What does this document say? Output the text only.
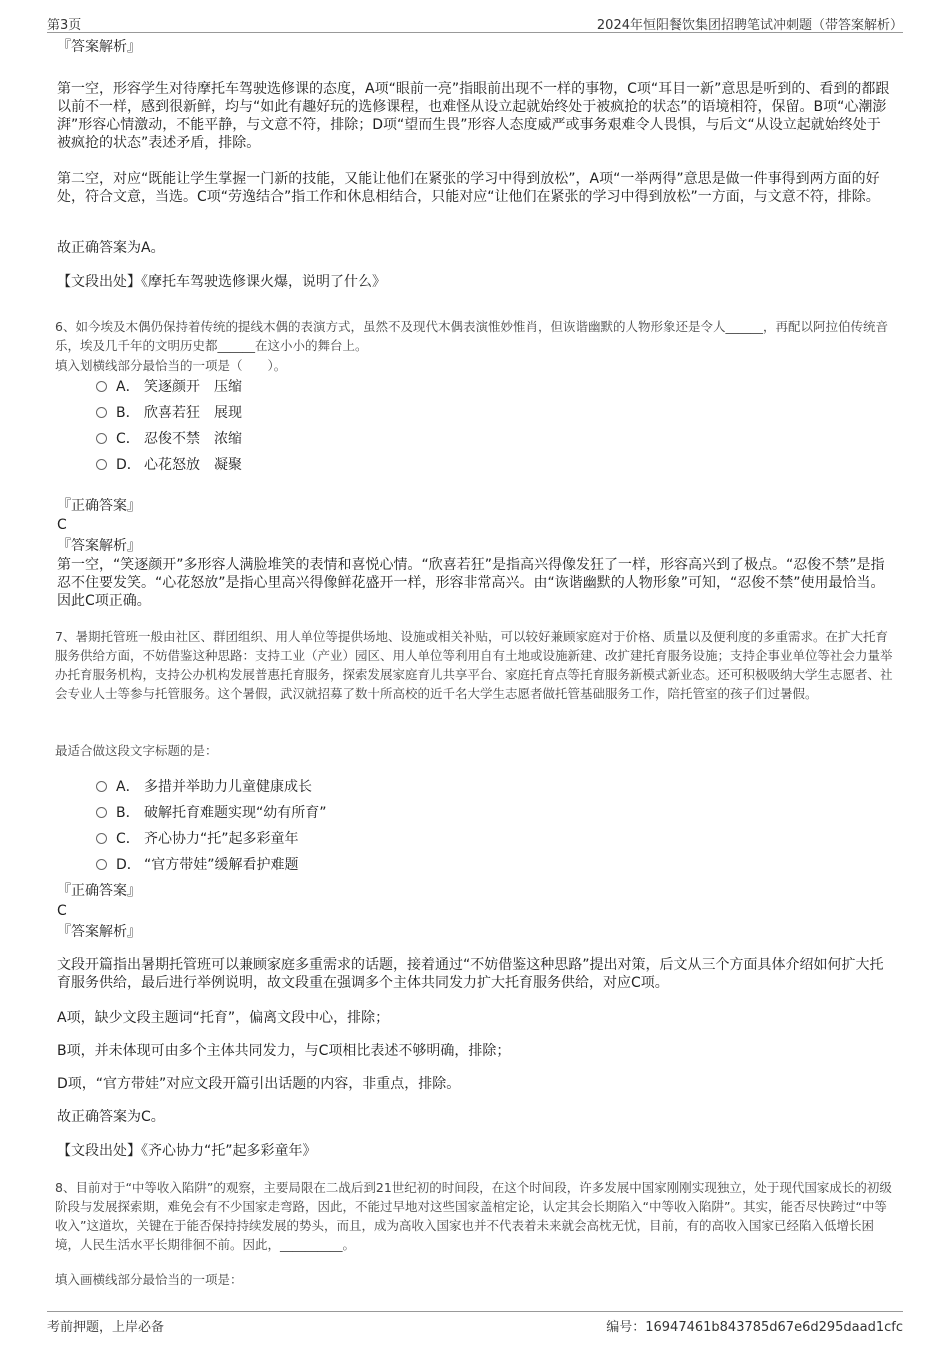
第3页	2024年恒阳餐饮集团招聘笔试冲刺题（带答案解析）

『答案解析』

第一空，形容学生对待摩托车驾驶选修课的态度，A项“眼前一亮”指眼前出现不一样的事物，C项“耳目一新”意思是听到的、看到的都跟以前不一样，感到很新鲜，均与“如此有趣好玩的选修课程，也难怪从设立起就始终处于被疯抢的状态”的语境相符，保留。B项“心潮澎湃”形容心情激动，不能平静，与文意不符，排除；D项“望而生畏”形容人态度威严或事务艰难令人畏惧，与后文“从设立起就始终处于被疯抢的状态”表述矛盾，排除。

第二空，对应“既能让学生掌握一门新的技能，又能让他们在紧张的学习中得到放松”，A项“一举两得”意思是做一件事得到两方面的好处，符合文意，当选。C项“劳逸结合”指工作和休息相结合，只能对应“让他们在紧张的学习中得到放松”一方面，与文意不符，排除。

故正确答案为A。

【文段出处】《摩托车驾驶选修课火爆，说明了什么》

6、如今埃及木偶仍保持着传统的提线木偶的表演方式，虽然不及现代木偶表演惟妙惟肖，但诙谐幽默的人物形象还是令人______，再配以阿拉伯传统音乐，埃及几千年的文明历史都______在这小小的舞台上。

填入划横线部分最恰当的一项是（　　）。

A． 笑逐颜开　压缩
B． 欣喜若狂　展现
C． 忍俊不禁　浓缩
D． 心花怒放　凝聚

『正确答案』

C

『答案解析』

第一空，“笑逐颜开”多形容人满脸堆笑的表情和喜悦心情。“欣喜若狂”是指高兴得像发狂了一样，形容高兴到了极点。“忍俊不禁”是指忍不住要发笑。“心花怒放”是指心里高兴得像鲜花盛开一样，形容非常高兴。由“诙谐幽默的人物形象”可知，“忍俊不禁”使用最恰当。因此C项正确。

7、暑期托管班一般由社区、群团组织、用人单位等提供场地、设施或相关补贴，可以较好兼顾家庭对于价格、质量以及便利度的多重需求。在扩大托育服务供给方面，不妨借鉴这种思路：支持工业（产业）园区、用人单位等利用自有土地或设施新建、改扩建托育服务设施；支持企事业单位等社会力量举办托育服务机构，支持公办机构发展普惠托育服务，探索发展家庭育儿共享平台、家庭托育点等托育服务新模式新业态。还可积极吸纳大学生志愿者、社会专业人士等参与托管服务。这个暑假，武汉就招募了数十所高校的近千名大学生志愿者做托管基础服务工作，陪托管室的孩子们过暑假。

最适合做这段文字标题的是：

A． 多措并举助力儿童健康成长
B． 破解托育难题实现“幼有所育”
C． 齐心协力“托”起多彩童年
D． “官方带娃”缓解看护难题

『正确答案』

C

『答案解析』

文段开篇指出暑期托管班可以兼顾家庭多重需求的话题，接着通过“不妨借鉴这种思路”提出对策，后文从三个方面具体介绍如何扩大托育服务供给，最后进行举例说明，故文段重在强调多个主体共同发力扩大托育服务供给，对应C项。

A项，缺少文段主题词“托育”，偏离文段中心，排除；

B项，并未体现可由多个主体共同发力，与C项相比表述不够明确，排除；

D项，“官方带娃”对应文段开篇引出话题的内容，非重点，排除。

故正确答案为C。

【文段出处】《齐心协力“托”起多彩童年》

8、目前对于“中等收入陷阱”的观察，主要局限在二战后到21世纪初的时间段，在这个时间段，许多发展中国家刚刚实现独立，处于现代国家成长的初级阶段与发展探索期，难免会有不少国家走弯路，因此，不能过早地对这些国家盖棺定论，认定其会长期陷入“中等收入陷阱”。其实，能否尽快跨过“中等收入”这道坎，关键在于能否保持持续发展的势头，而且，成为高收入国家也并不代表着未来就会高枕无忧，目前，有的高收入国家已经陷入低增长困境，人民生活水平长期徘徊不前。因此，__________。

填入画横线部分最恰当的一项是：

考前押题，上岸必备	编号：16947461b843785d67e6d295daad1cfc
